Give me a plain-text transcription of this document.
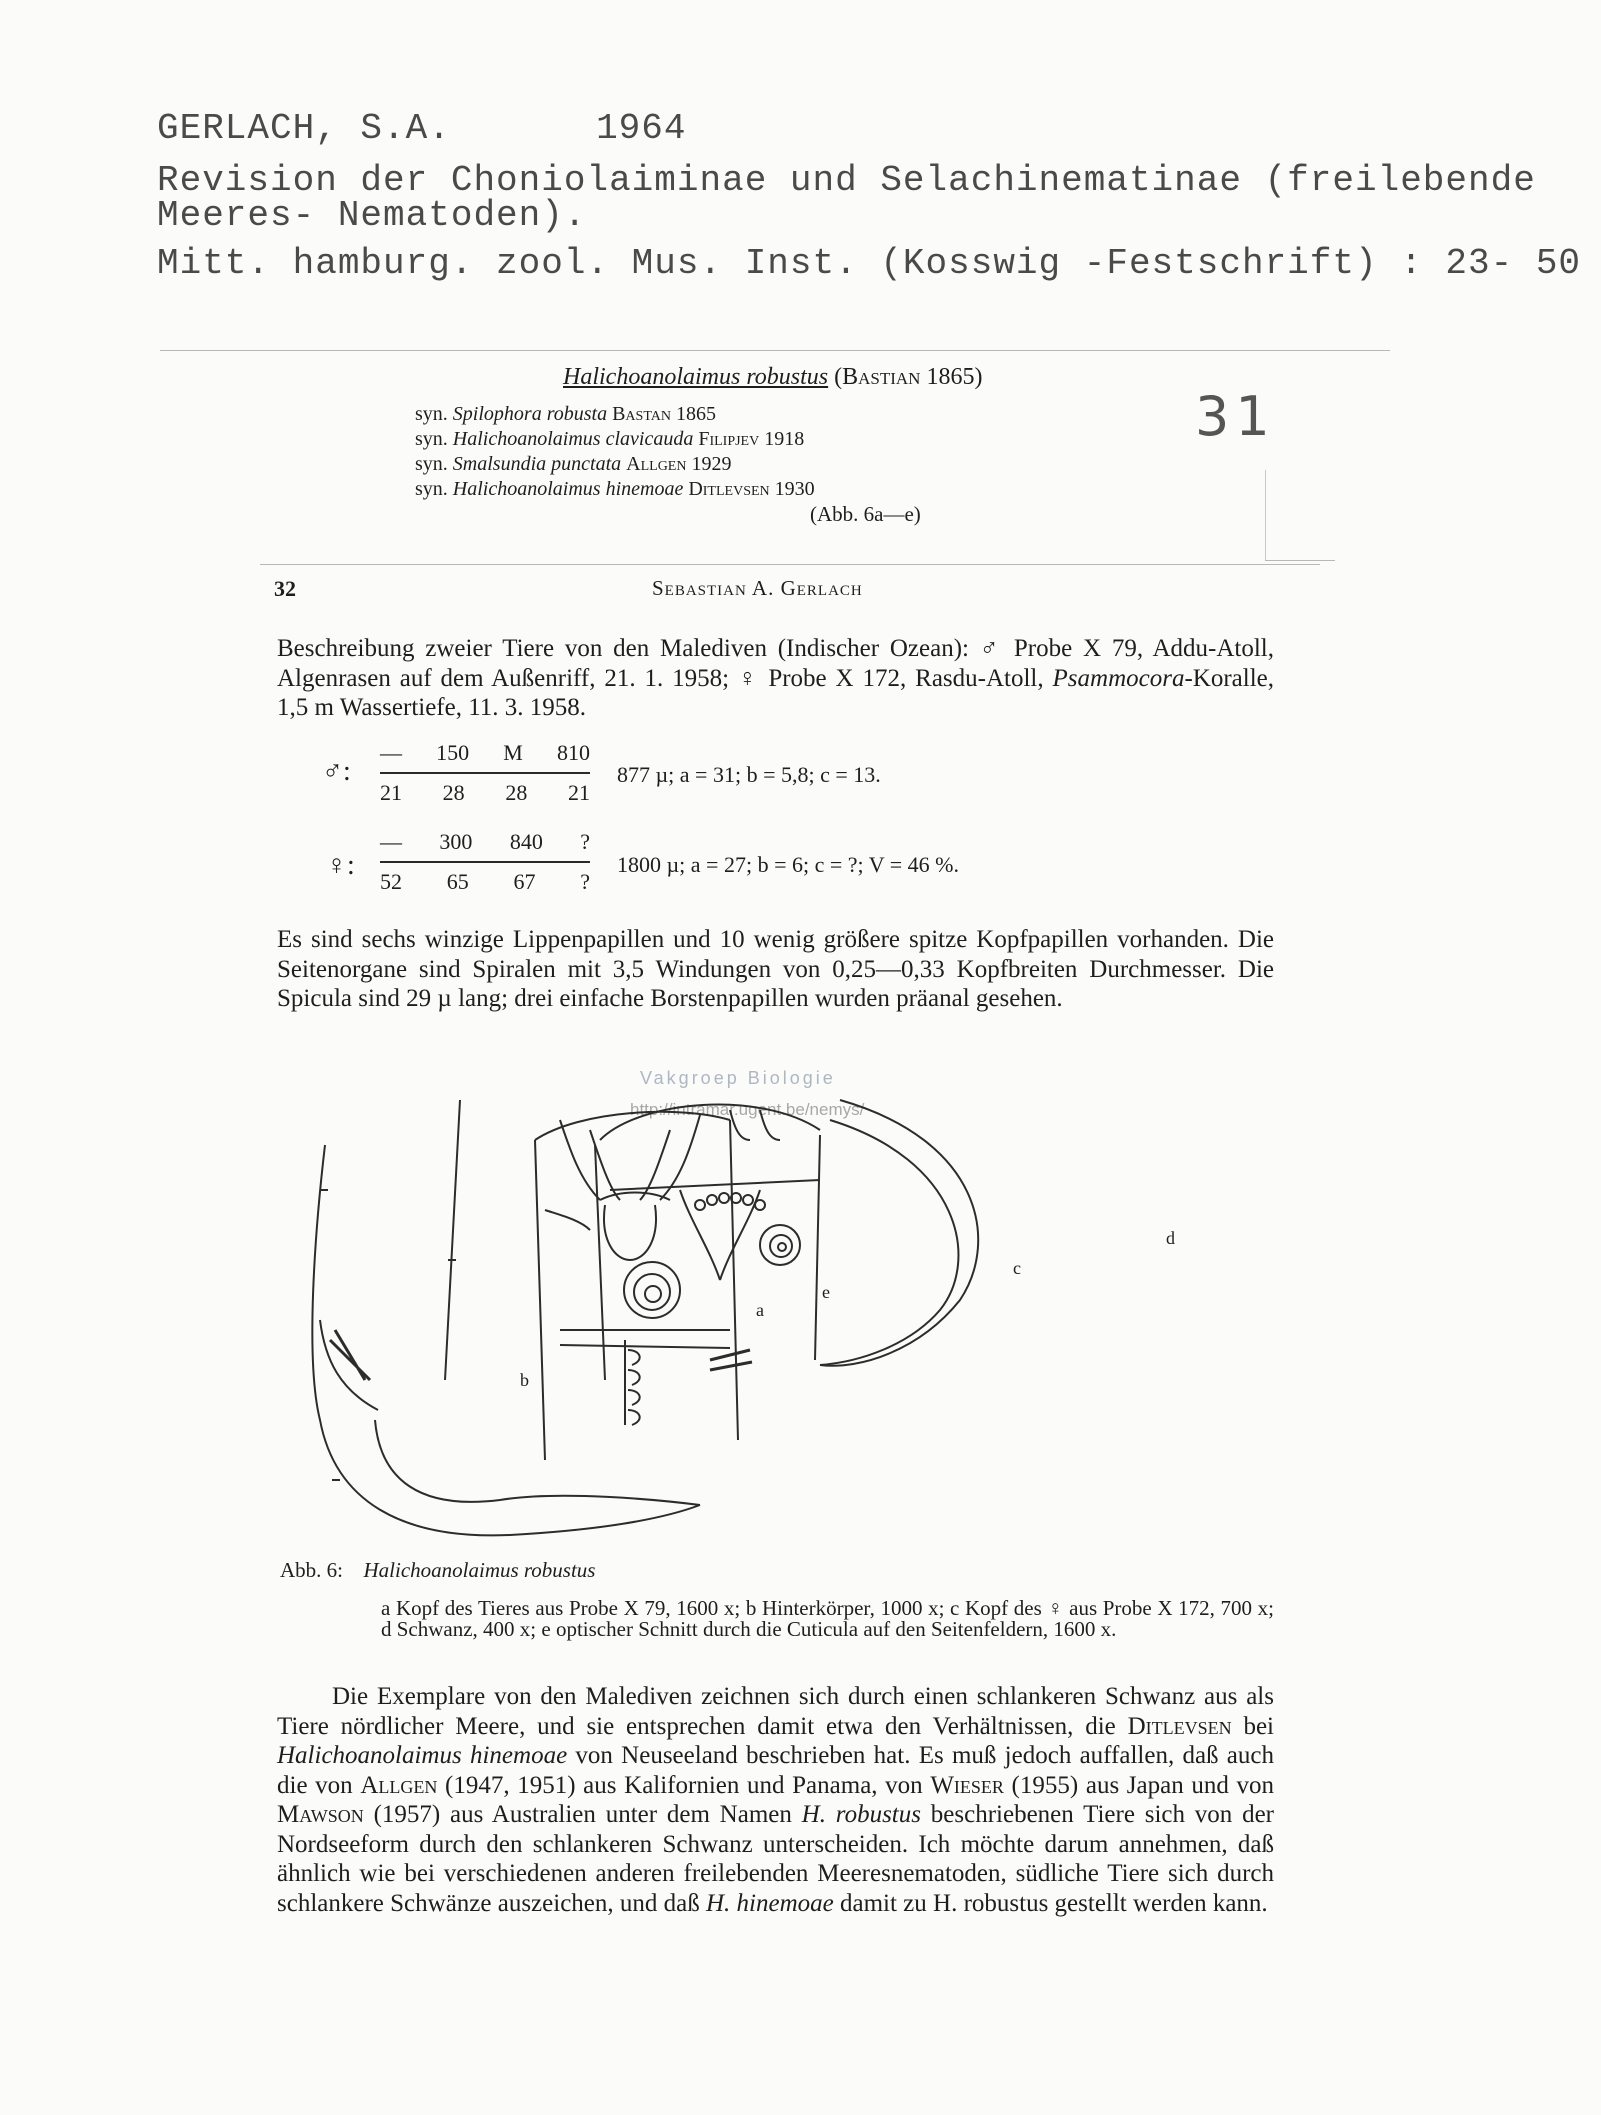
GERLACH, S.A.	1964
Revision der Choniolaiminae und Selachinematinae (freilebende
Meeres- Nematoden).
Mitt. hamburg. zool. Mus. Inst. (Kosswig -Festschrift) : 23- 50
Halichoanolaimus robustus (Bastian 1865)
syn. Spilophora robusta Bastan 1865
syn. Halichoanolaimus clavicauda Filipjev 1918
syn. Smalsundia punctata Allgen 1929
syn. Halichoanolaimus hinemoae Ditlevsen 1930
(Abb. 6a—e)
31
32	Sebastian A. Gerlach
Beschreibung zweier Tiere von den Malediven (Indischer Ozean): ♂ Probe X 79, Addu-Atoll, Algenrasen auf dem Außenriff, 21. 1. 1958; ♀ Probe X 172, Rasdu-Atoll, Psammocora-Koralle, 1,5 m Wassertiefe, 11. 3. 1958.
♂:
— 150 M 810
21 28 28 21
877 µ; a = 31; b = 5,8; c = 13.
♀:
— 300 840 ?
52 65 67 ?
1800 µ; a = 27; b = 6; c = ?; V = 46 %.
Es sind sechs winzige Lippenpapillen und 10 wenig größere spitze Kopfpapillen vorhanden. Die Seitenorgane sind Spiralen mit 3,5 Windungen von 0,25—0,33 Kopfbreiten Durchmesser. Die Spicula sind 29 µ lang; drei einfache Borstenpapillen wurden präanal gesehen.
Vakgroep Biologie
http://intramar.ugent.be/nemys/
a
b
c
d
e
Abb. 6: Halichoanolaimus robustus
a Kopf des Tieres aus Probe X 79, 1600 x; b Hinterkörper, 1000 x; c Kopf des ♀ aus Probe X 172, 700 x; d Schwanz, 400 x; e optischer Schnitt durch die Cuticula auf den Seitenfeldern, 1600 x.
Die Exemplare von den Malediven zeichnen sich durch einen schlankeren Schwanz aus als Tiere nördlicher Meere, und sie entsprechen damit etwa den Verhältnissen, die Ditlevsen bei Halichoanolaimus hinemoae von Neuseeland beschrieben hat. Es muß jedoch auffallen, daß auch die von Allgen (1947, 1951) aus Kalifornien und Panama, von Wieser (1955) aus Japan und von Mawson (1957) aus Australien unter dem Namen H. robustus beschriebenen Tiere sich von der Nordseeform durch den schlankeren Schwanz unterscheiden. Ich möchte darum annehmen, daß ähnlich wie bei verschiedenen anderen freilebenden Meeresnematoden, südliche Tiere sich durch schlankere Schwänze auszeichen, und daß H. hinemoae damit zu H. robustus gestellt werden kann.
